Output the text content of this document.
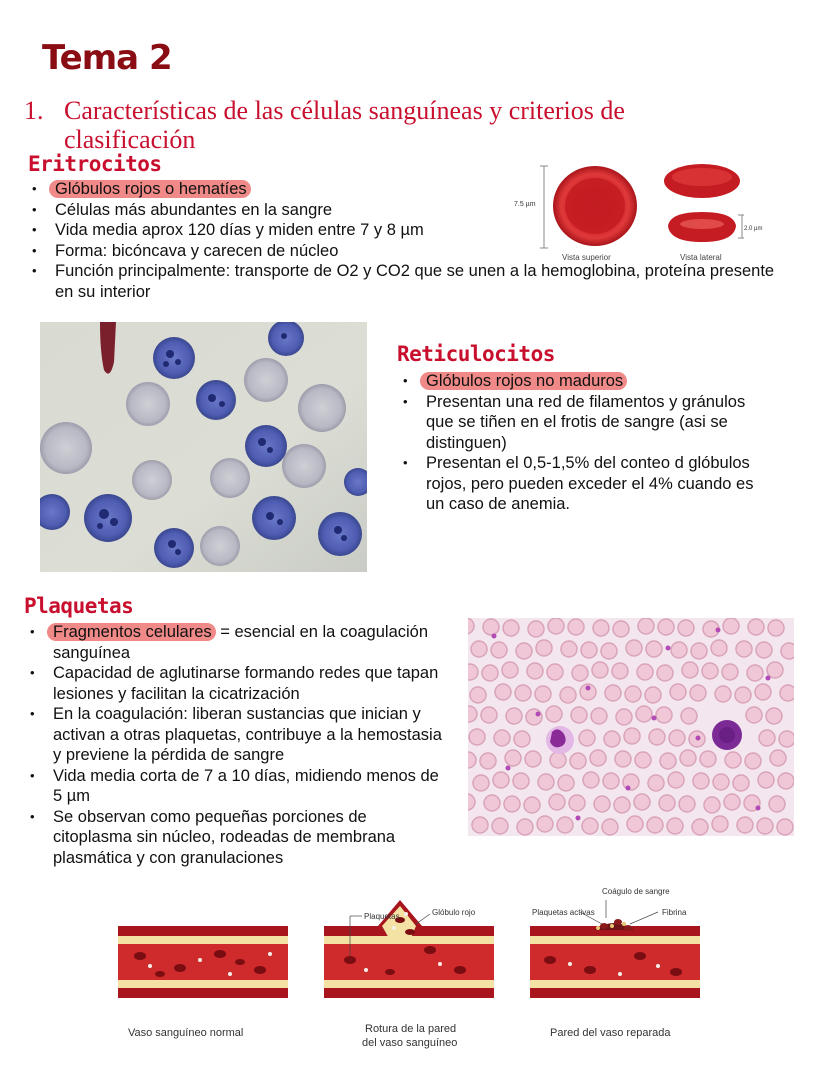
Tema 2
1. Características de las células sanguíneas y criterios de
clasificación
Eritrocitos
• Glóbulos rojos o hematíes
• Células más abundantes en la sangre
• Vida media aprox 120 días y miden entre 7 y 8 µm
• Forma: bicóncava y carecen de núcleo
• Función principalmente: transporte de O2 y CO2 que se unen a la hemoglobina, proteína presente en su interior
7.5 µm
Vista superior
2.0 µm
Vista lateral
Reticulocitos
• Glóbulos rojos no maduros
• Presentan una red de filamentos y gránulos que se tiñen en el frotis de sangre (asi se distinguen)
• Presentan el 0,5-1,5% del conteo d glóbulos rojos, pero pueden exceder el 4% cuando es un caso de anemia.
Plaquetas
• Fragmentos celulares = esencial en la coagulación sanguínea
• Capacidad de aglutinarse formando redes que tapan lesiones y facilitan la cicatrización
• En la coagulación: liberan sustancias que inician y activan a otras plaquetas, contribuye a la hemostasia y previene la pérdida de sangre
• Vida media corta de 7 a 10 días, midiendo menos de 5 µm
• Se observan como pequeñas porciones de citoplasma sin núcleo, rodeadas de membrana plasmática y con granulaciones
Vaso sanguíneo normal
Plaquetas	Glóbulo rojo
Rotura de la pared
del vaso sanguíneo
Coágulo de sangre
Plaquetas activas	Fibrina
Pared del vaso reparada
